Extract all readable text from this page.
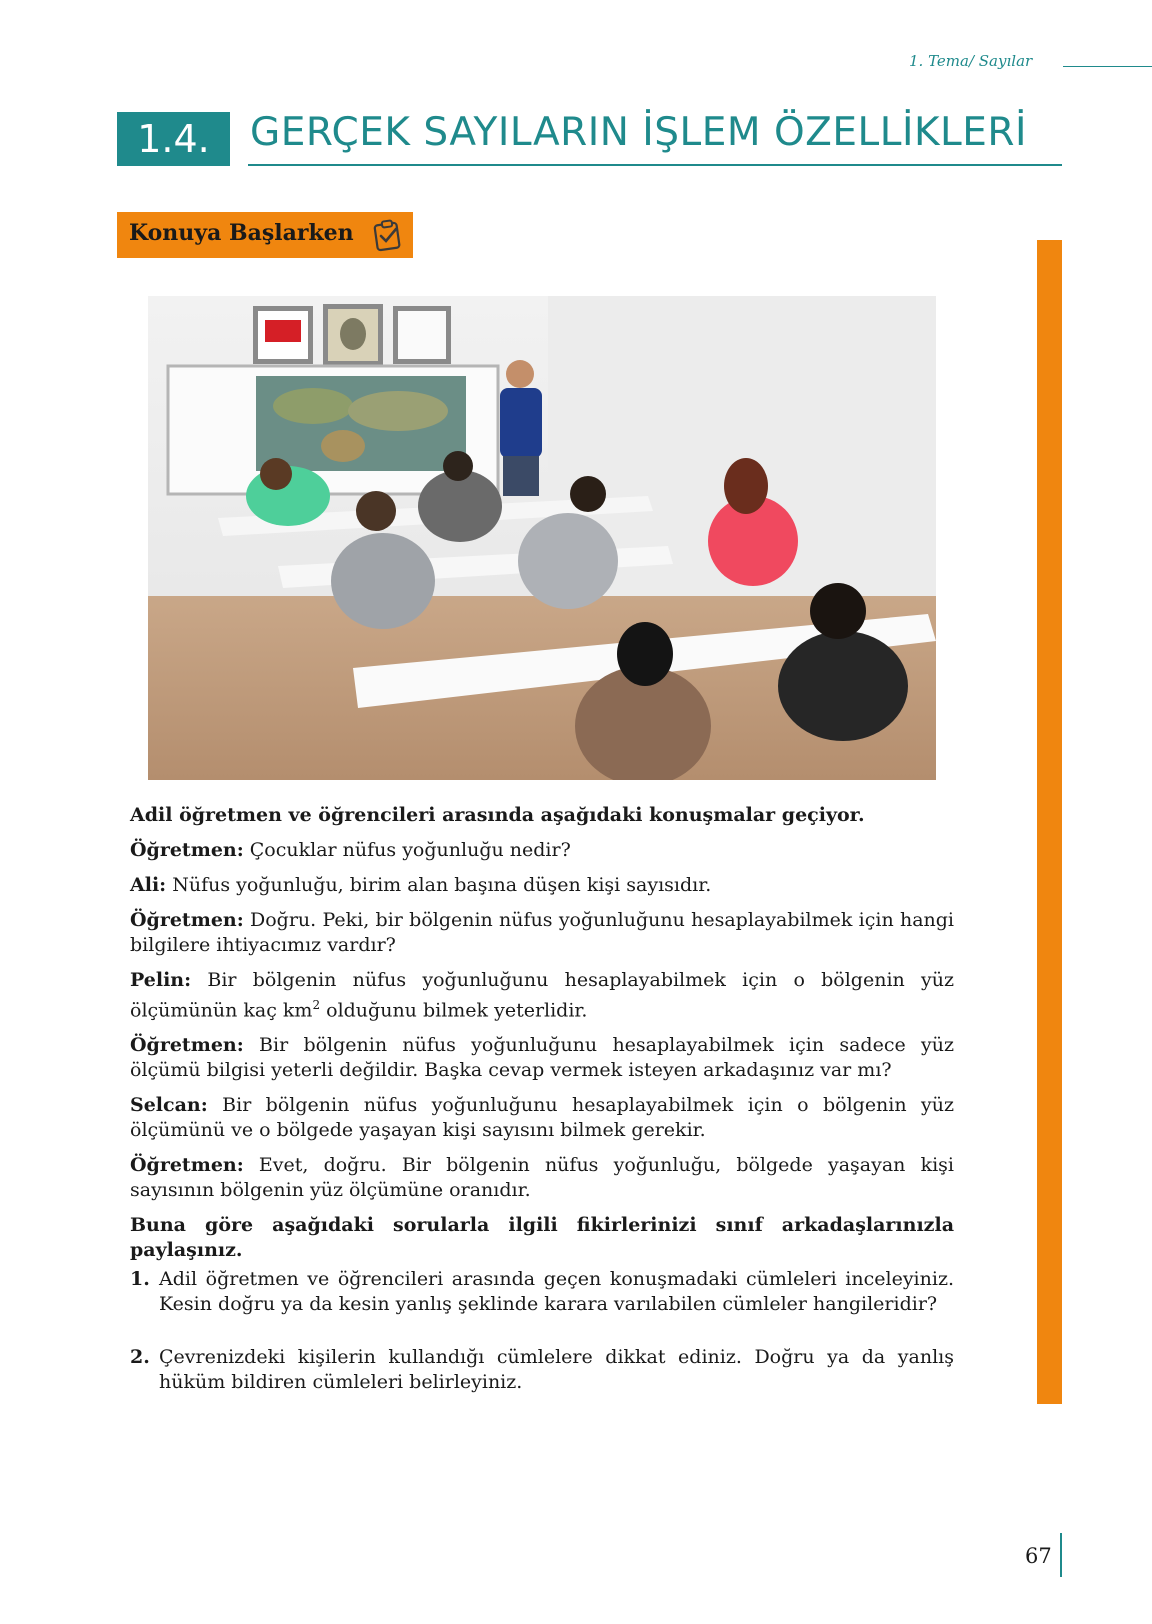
1. Tema/ Sayılar
1.4.	GERÇEK SAYILARIN İŞLEM ÖZELLİKLERİ
Konuya Başlarken

Adil öğretmen ve öğrencileri arasında aşağıdaki konuşmalar geçiyor.

Öğretmen: Çocuklar nüfus yoğunluğu nedir?

Ali: Nüfus yoğunluğu, birim alan başına düşen kişi sayısıdır.

Öğretmen: Doğru. Peki, bir bölgenin nüfus yoğunluğunu hesaplayabilmek için hangi bilgilere ihtiyacımız vardır?

Pelin: Bir bölgenin nüfus yoğunluğunu hesaplayabilmek için o bölgenin yüz ölçümünün kaç $km^2$ olduğunu bilmek yeterlidir.

Öğretmen: Bir bölgenin nüfus yoğunluğunu hesaplayabilmek için sadece yüz ölçümü bilgisi yeterli değildir. Başka cevap vermek isteyen arkadaşınız var mı?

Selcan: Bir bölgenin nüfus yoğunluğunu hesaplayabilmek için o bölgenin yüz ölçümünü ve o bölgede yaşayan kişi sayısını bilmek gerekir.

Öğretmen: Evet, doğru. Bir bölgenin nüfus yoğunluğu, bölgede yaşayan kişi sayısının bölgenin yüz ölçümüne oranıdır.

Buna göre aşağıdaki sorularla ilgili fikirlerinizi sınıf arkadaşlarınızla paylaşınız.

1. Adil öğretmen ve öğrencileri arasında geçen konuşmadaki cümleleri inceleyiniz. Kesin doğru ya da kesin yanlış şeklinde karara varılabilen cümleler hangileridir?
2. Çevrenizdeki kişilerin kullandığı cümlelere dikkat ediniz. Doğru ya da yanlış hüküm bildiren cümleleri belirleyiniz.
67
